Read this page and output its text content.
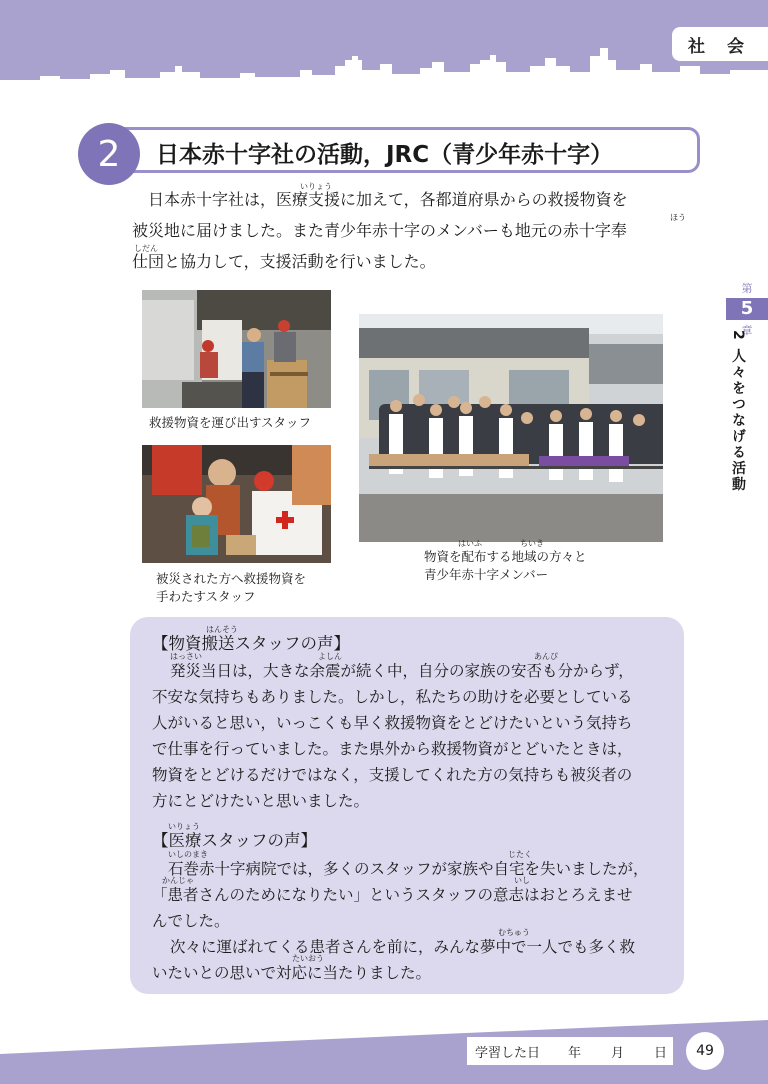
社 会
2	日本赤十字社の活動，JRC（青少年赤十字）
いりょう
日本赤十字社は，医療支援に加えて，各都道府県からの救援物資を
ほう
被災地に届けました。また青少年赤十字のメンバーも地元の赤十字奉
しだん
仕団と協力して，支援活動を行いました。
救援物資を運び出すスタッフ
被災された方へ救援物資を
手わたすスタッフ
はいふ	ちいき
物資を配布する地域の方々と
青少年赤十字メンバー
第
5
章
2 人々をつなげる活動
はんそう
【物資搬送スタッフの声】
はっさい	よしん	あんぴ
発災当日は，大きな余震が続く中，自分の家族の安否も分からず，
不安な気持ちもありました。しかし，私たちの助けを必要としている
人がいると思い，いっこくも早く救援物資をとどけたいという気持ち
で仕事を行っていました。また県外から救援物資がとどいたときは，
物資をとどけるだけではなく，支援してくれた方の気持ちも被災者の
方にとどけたいと思いました。
いりょう
【医療スタッフの声】
いしのまき	じたく
石巻赤十字病院では，多くのスタッフが家族や自宅を失いましたが，
かんじゃ	いし
「患者さんのためになりたい」というスタッフの意志はおとろえませ
んでした。
むちゅう
次々に運ばれてくる患者さんを前に，みんな夢中で一人でも多く救
たいおう
いたいとの思いで対応に当たりました。
学習した日 年 月 日	49
